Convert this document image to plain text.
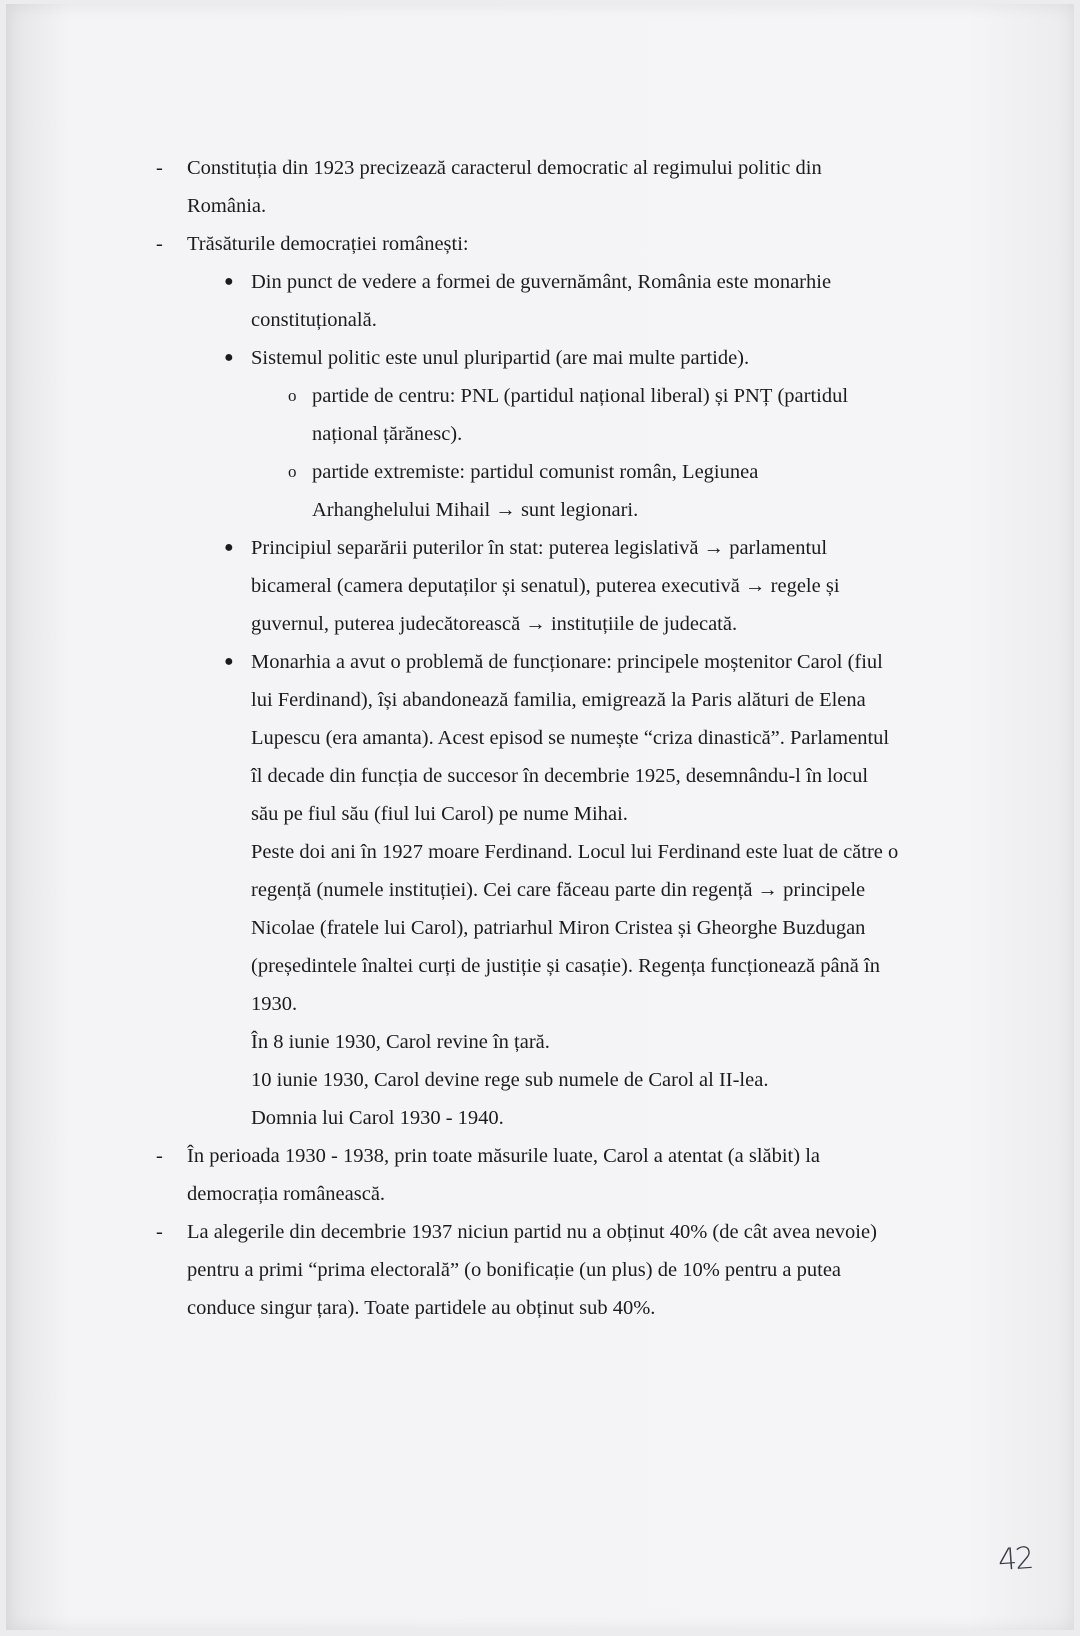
-	Constituția din 1923 precizează caracterul democratic al regimului politic din
România.
-	Trăsăturile democrației românești:
● Din punct de vedere a formei de guvernământ, România este monarhie
constituțională.
● Sistemul politic este unul pluripartid (are mai multe partide).
o partide de centru: PNL (partidul național liberal) și PNȚ (partidul
național țărănesc).
o partide extremiste: partidul comunist român, Legiunea
Arhanghelului Mihail → sunt legionari.
● Principiul separării puterilor în stat: puterea legislativă → parlamentul
bicameral (camera deputaților și senatul), puterea executivă → regele și
guvernul, puterea judecătorească → instituțiile de judecată.
● Monarhia a avut o problemă de funcționare: principele moștenitor Carol (fiul
lui Ferdinand), își abandonează familia, emigrează la Paris alături de Elena
Lupescu (era amanta). Acest episod se numește “criza dinastică”. Parlamentul
îl decade din funcția de succesor în decembrie 1925, desemnându-l în locul
său pe fiul său (fiul lui Carol) pe nume Mihai.
Peste doi ani în 1927 moare Ferdinand. Locul lui Ferdinand este luat de către o
regență (numele instituției). Cei care făceau parte din regență → principele
Nicolae (fratele lui Carol), patriarhul Miron Cristea și Gheorghe Buzdugan
(președintele înaltei curți de justiție și casație). Regența funcționează până în
1930.
În 8 iunie 1930, Carol revine în țară.
10 iunie 1930, Carol devine rege sub numele de Carol al II-lea.
Domnia lui Carol 1930 - 1940.
-	În perioada 1930 - 1938, prin toate măsurile luate, Carol a atentat (a slăbit) la
democrația românească.
-	La alegerile din decembrie 1937 niciun partid nu a obținut 40% (de cât avea nevoie)
pentru a primi “prima electorală” (o bonificație (un plus) de 10% pentru a putea
conduce singur țara). Toate partidele au obținut sub 40%.
42
